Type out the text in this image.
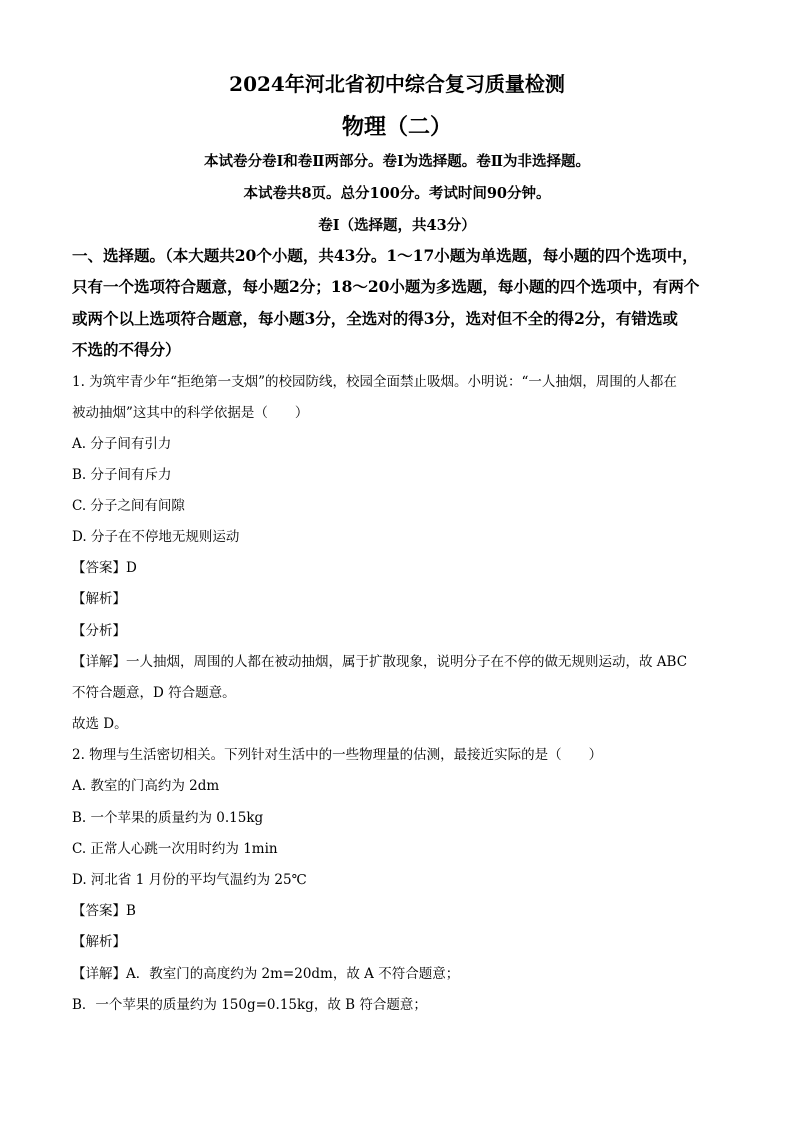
2024年河北省初中综合复习质量检测
物理（二）
本试卷分卷Ⅰ和卷Ⅱ两部分。卷Ⅰ为选择题。卷Ⅱ为非选择题。
本试卷共8页。总分100分。考试时间90分钟。
卷Ⅰ（选择题，共43分）
一、选择题。（本大题共20个小题，共43分。1～17小题为单选题，每小题的四个选项中，
只有一个选项符合题意，每小题2分；18～20小题为多选题，每小题的四个选项中，有两个
或两个以上选项符合题意，每小题3分，全选对的得3分，选对但不全的得2分，有错选或
不选的不得分）
1. 为筑牢青少年“拒绝第一支烟”的校园防线，校园全面禁止吸烟。小明说：“一人抽烟，周围的人都在
被动抽烟”这其中的科学依据是（　　）
A. 分子间有引力
B. 分子间有斥力
C. 分子之间有间隙
D. 分子在不停地无规则运动
【答案】D
【解析】
【分析】
【详解】一人抽烟，周围的人都在被动抽烟，属于扩散现象，说明分子在不停的做无规则运动，故 ABC
不符合题意，D 符合题意。
故选 D。
2. 物理与生活密切相关。下列针对生活中的一些物理量的估测，最接近实际的是（　　）
A. 教室的门高约为 2dm
B. 一个苹果的质量约为 0.15kg
C. 正常人心跳一次用时约为 1min
D. 河北省 1 月份的平均气温约为 25℃
【答案】B
【解析】
【详解】A．教室门的高度约为 2m=20dm，故 A 不符合题意；
B．一个苹果的质量约为 150g=0.15kg，故 B 符合题意；
